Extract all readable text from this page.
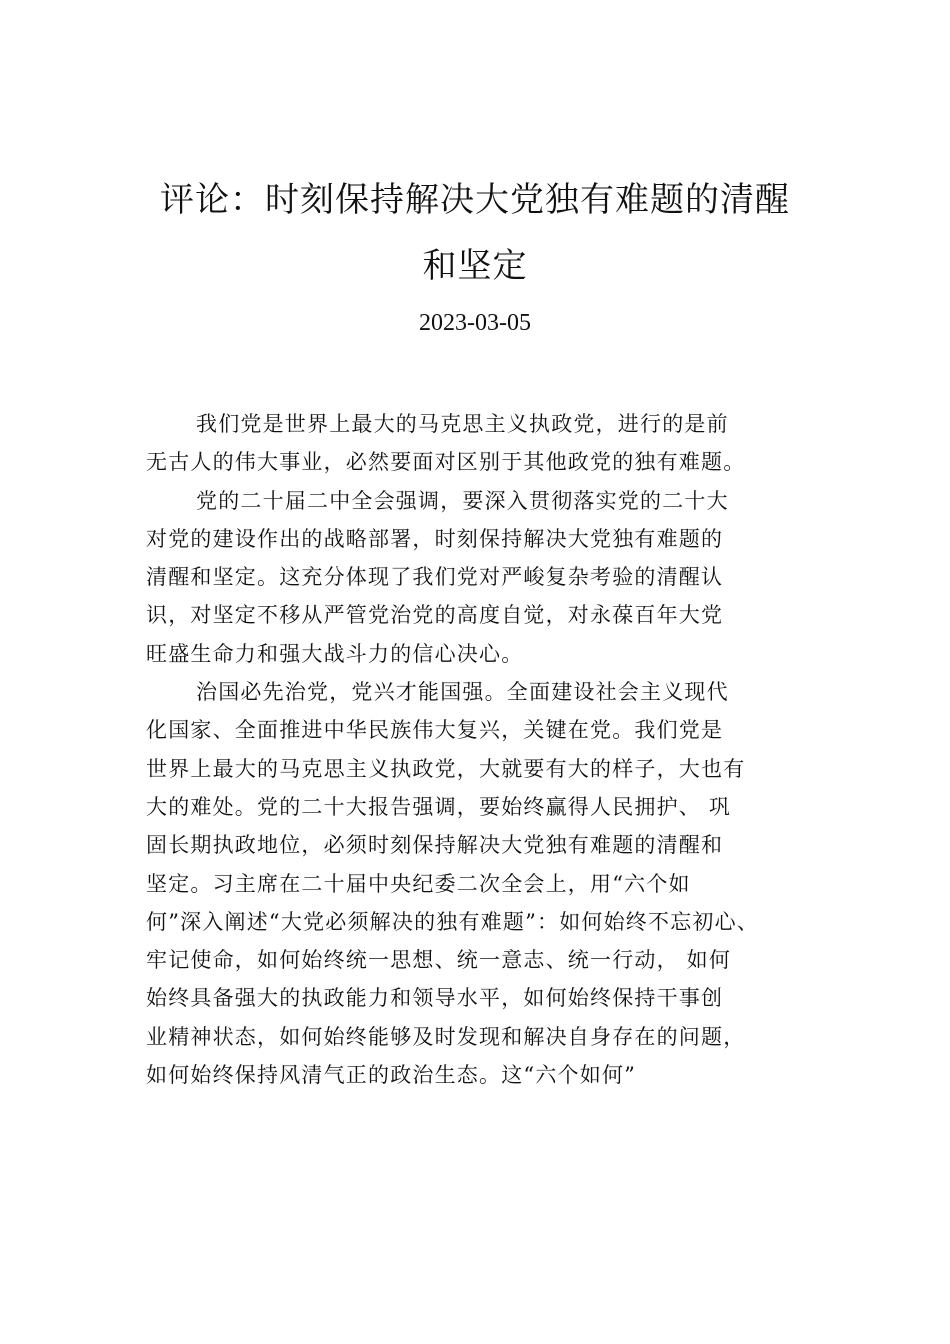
评论：时刻保持解决大党独有难题的清醒
和坚定
2023-03-05
我们党是世界上最大的马克思主义执政党，进行的是前
无古人的伟大事业，必然要面对区别于其他政党的独有难题。
党的二十届二中全会强调，要深入贯彻落实党的二十大
对党的建设作出的战略部署，时刻保持解决大党独有难题的
清醒和坚定。这充分体现了我们党对严峻复杂考验的清醒认
识，对坚定不移从严管党治党的高度自觉，对永葆百年大党
旺盛生命力和强大战斗力的信心决心。
治国必先治党，党兴才能国强。全面建设社会主义现代
化国家、全面推进中华民族伟大复兴，关键在党。我们党是
世界上最大的马克思主义执政党，大就要有大的样子，大也有
大的难处。党的二十大报告强调，要始终赢得人民拥护、 巩
固长期执政地位，必须时刻保持解决大党独有难题的清醒和
坚定。习主席在二十届中央纪委二次全会上，用“六个如
何”深入阐述“大党必须解决的独有难题”：如何始终不忘初心、
牢记使命，如何始终统一思想、统一意志、统一行动， 如何
始终具备强大的执政能力和领导水平，如何始终保持干事创
业精神状态，如何始终能够及时发现和解决自身存在的问题，
如何始终保持风清气正的政治生态。这“六个如何”
